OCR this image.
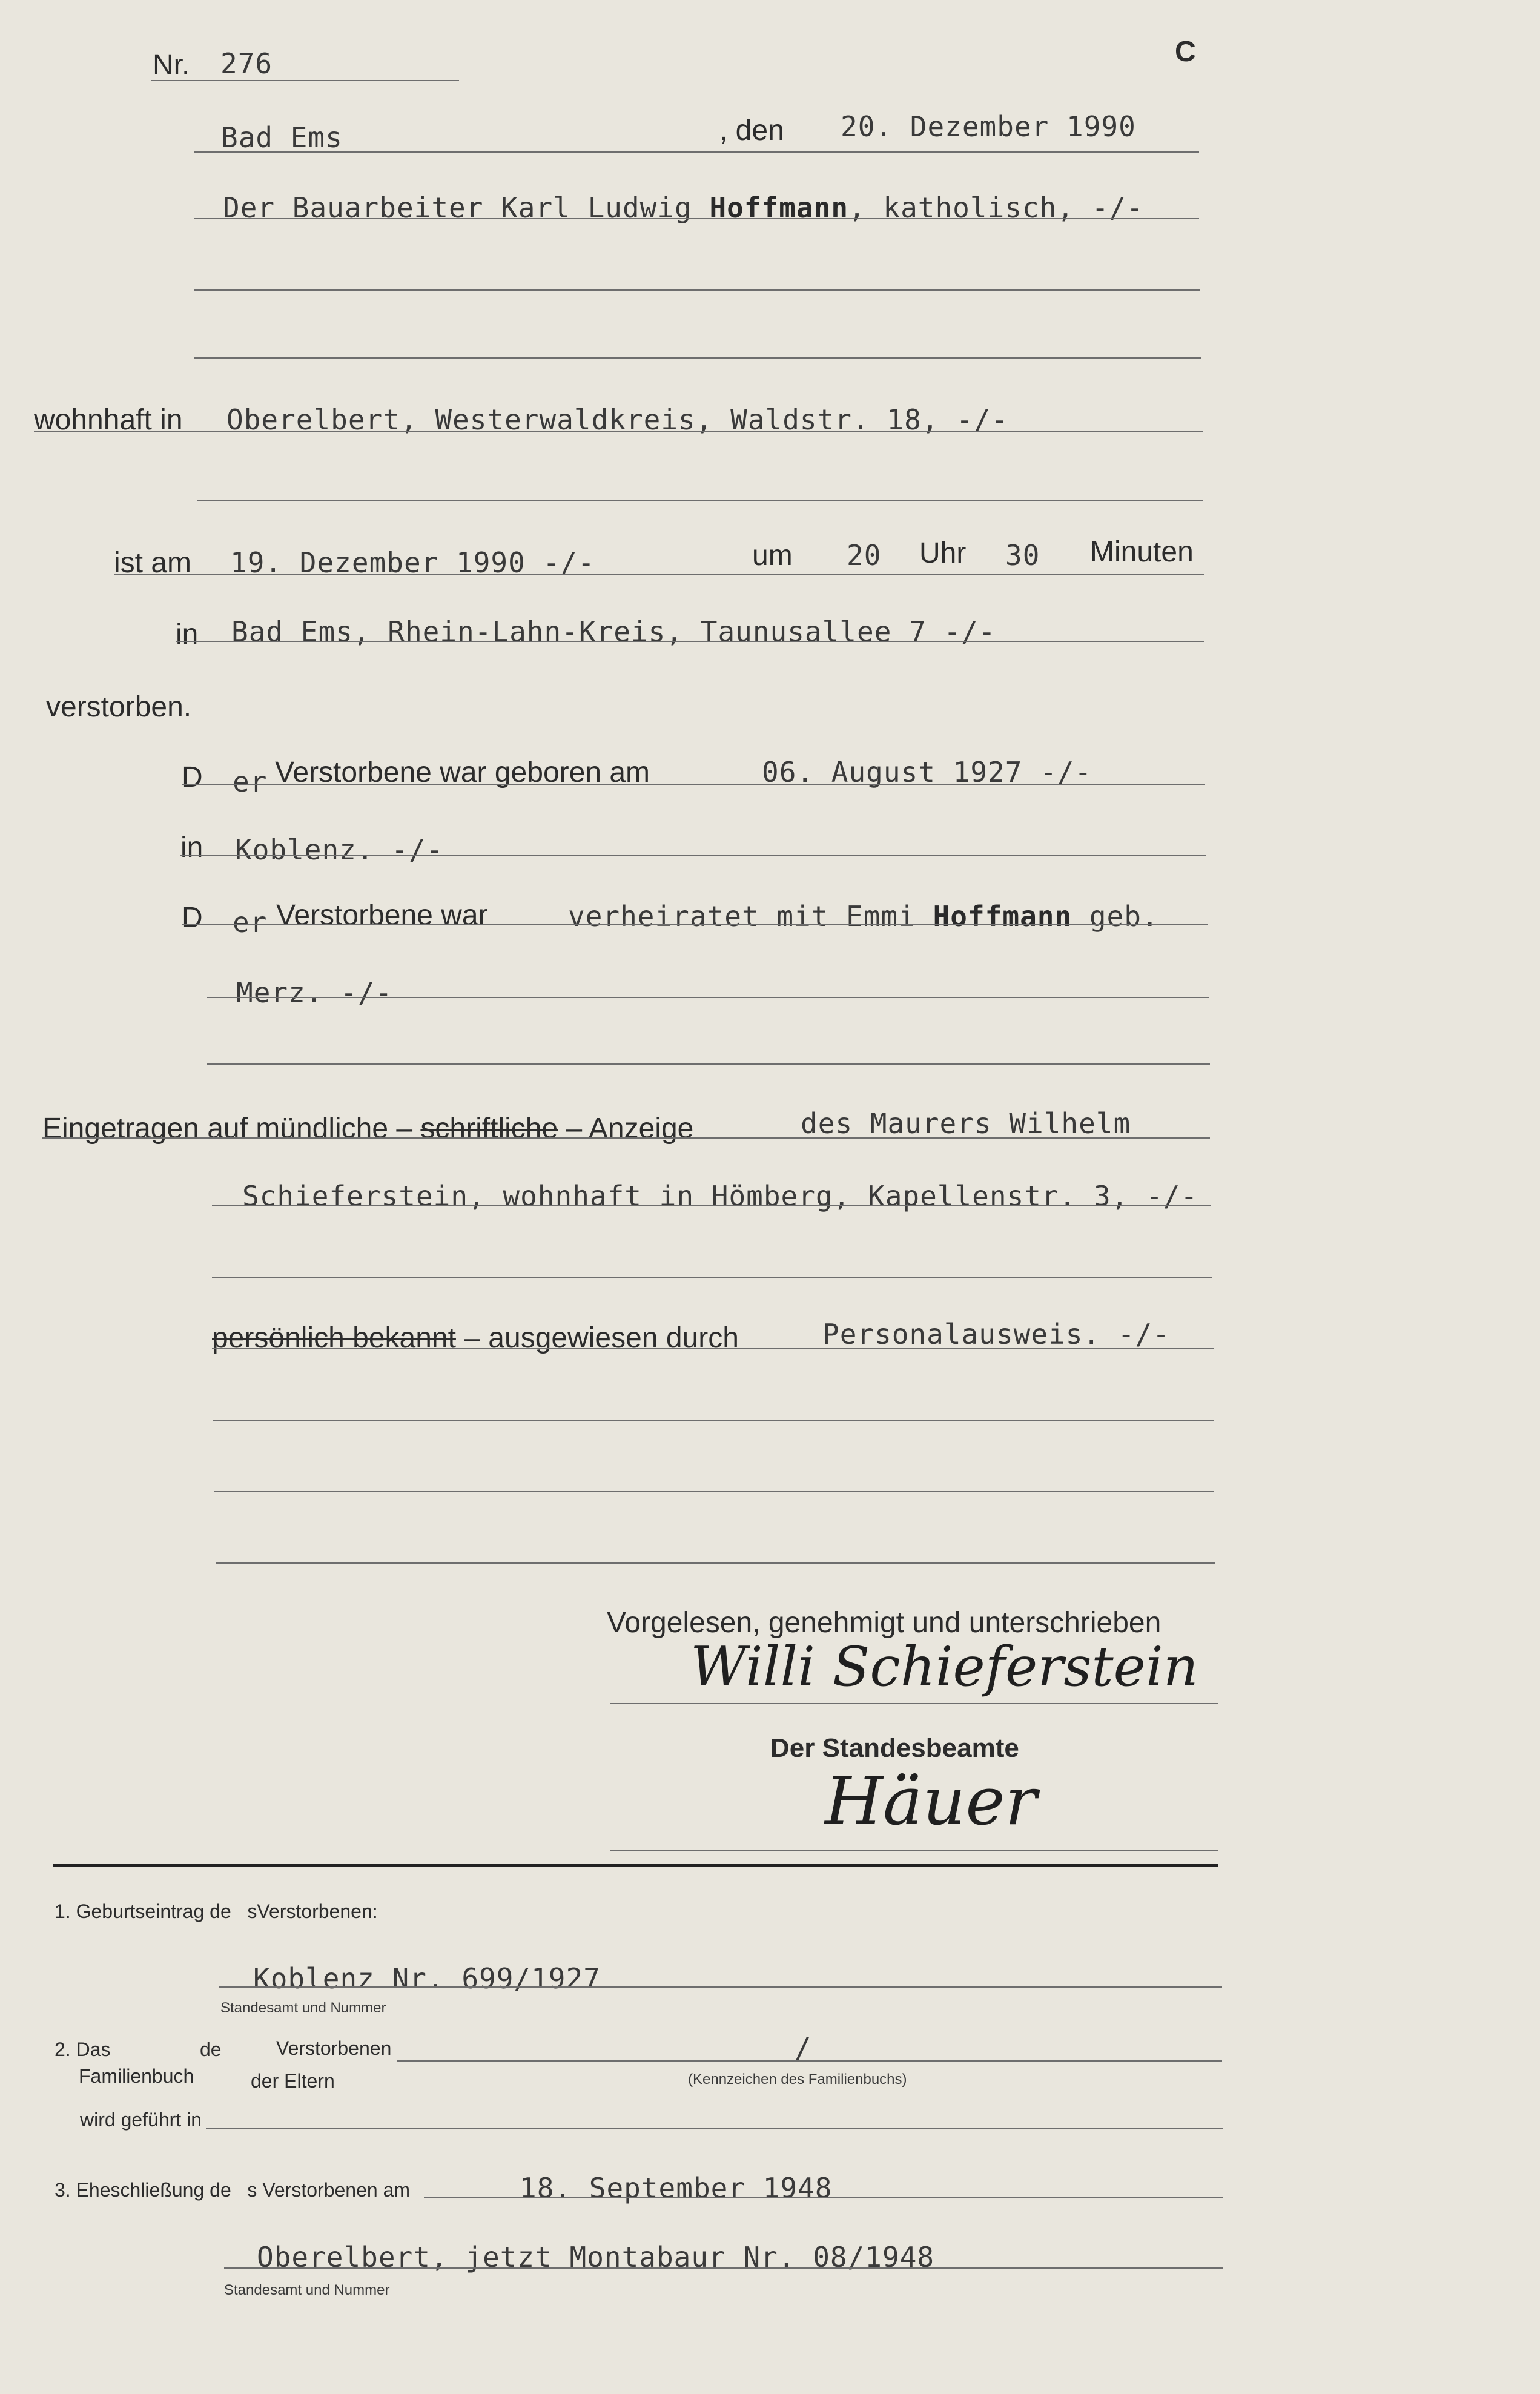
Nr. 276	C
Bad Ems	, den 20. Dezember 1990
Der Bauarbeiter Karl Ludwig Hoffmann, katholisch, -/-
wohnhaft in Oberelbert, Westerwaldkreis, Waldstr. 18, -/-
ist am 19. Dezember 1990 -/-	um 20 Uhr 30 Minuten
in Bad Ems, Rhein-Lahn-Kreis, Taunusallee 7 -/-
verstorben.
D er Verstorbene war geboren am	06. August 1927 -/-
in Koblenz. -/-
D er Verstorbene war	verheiratet mit Emmi Hoffmann geb.
Merz. -/-
Eingetragen auf mündliche – schriftliche – Anzeige	des Maurers Wilhelm
Schieferstein, wohnhaft in Hömberg, Kapellenstr. 3, -/-
persönlich bekannt – ausgewiesen durch	Personalausweis. -/-
Vorgelesen, genehmigt und unterschrieben
Willi Schieferstein
Der Standesbeamte
Häuer
1. Geburtseintrag de sVerstorbenen:
Koblenz Nr. 699/1927
Standesamt und Nummer
2. Das
Familienbuch
de	Verstorbenen
der Eltern
/
(Kennzeichen des Familienbuchs)
wird geführt in
3. Eheschließung de s Verstorbenen am	18. September 1948
Oberelbert, jetzt Montabaur Nr. 08/1948
Standesamt und Nummer
